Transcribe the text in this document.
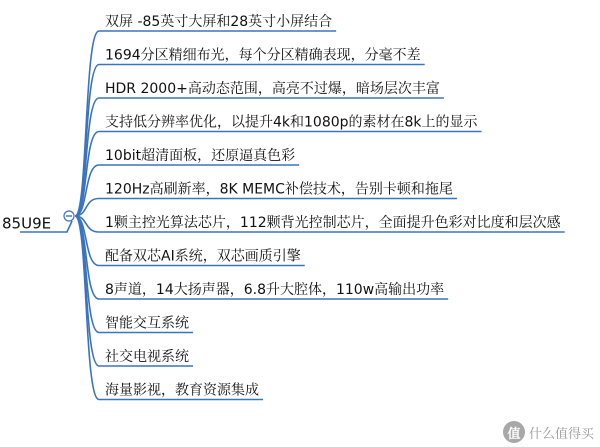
双屏 -85英寸大屏和28英寸小屏结合
1694分区精细布光，每个分区精确表现，分毫不差
HDR 2000+高动态范围，高亮不过爆，暗场层次丰富
支持低分辨率优化，以提升4k和1080p的素材在8k上的显示
10bit超清面板，还原逼真色彩
120Hz高刷新率，8K MEMC补偿技术，告别卡顿和拖尾
1颗主控光算法芯片，112颗背光控制芯片，全面提升色彩对比度和层次感
配备双芯AI系统，双芯画质引擎
8声道，14大扬声器，6.8升大腔体，110w高输出功率
智能交互系统
社交电视系统
海量影视，教育资源集成
85U9E
值 什么值得买
